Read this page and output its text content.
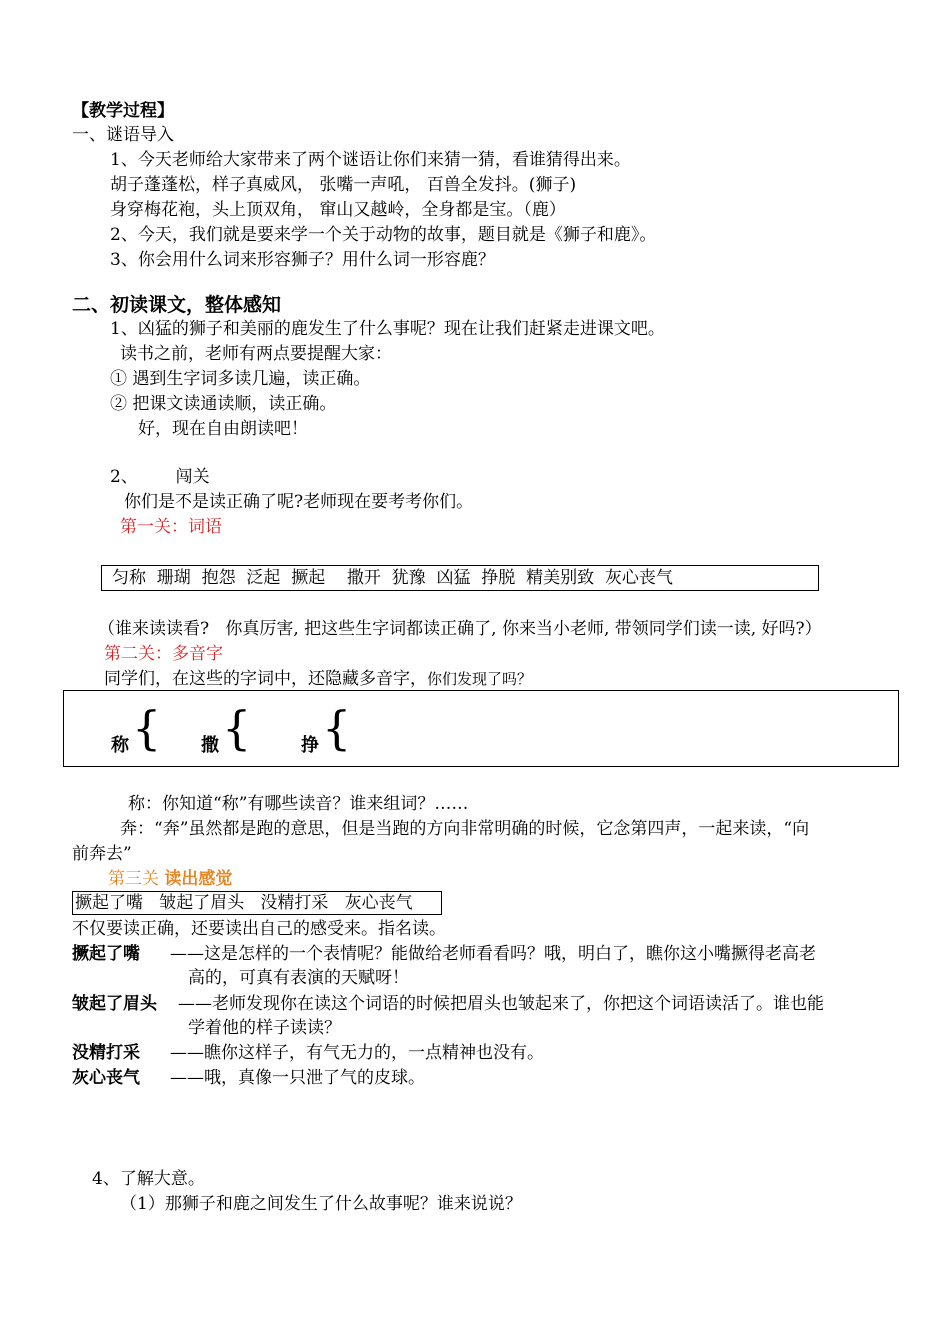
【教学过程】
一、谜语导入
1、今天老师给大家带来了两个谜语让你们来猜一猜，看谁猜得出来。
胡子蓬蓬松，样子真威风， 张嘴一声吼， 百兽全发抖。(狮子)
身穿梅花袍，头上顶双角， 窜山又越岭，全身都是宝。（鹿）
2、今天，我们就是要来学一个关于动物的故事，题目就是《狮子和鹿》。
3、你会用什么词来形容狮子？用什么词一形容鹿？
二、初读课文，整体感知
1、凶猛的狮子和美丽的鹿发生了什么事呢？现在让我们赶紧走进课文吧。
读书之前，老师有两点要提醒大家：
① 遇到生字词多读几遍，读正确。
② 把课文读通读顺，读正确。
好，现在自由朗读吧！
2、       闯关
你们是不是读正确了呢?老师现在要考考你们。
第一关：词语
匀称  珊瑚  抱怨  泛起  撅起    撒开  犹豫  凶猛  挣脱  精美别致  灰心丧气
（谁来读读看?   你真厉害, 把这些生字词都读正确了, 你来当小老师, 带领同学们读一读, 好吗?）
第二关：多音字
同学们，在这些的字词中，还隐藏多音字，你们发现了吗？
称 { 撒 {	挣 {
称：你知道“称”有哪些读音？谁来组词？……
奔：“奔”虽然都是跑的意思，但是当跑的方向非常明确的时候，它念第四声，一起来读，“向
前奔去”
第三关 读出感觉
撅起了嘴   皱起了眉头   没精打采   灰心丧气
不仅要读正确，还要读出自己的感受来。指名读。
撅起了嘴 ——这是怎样的一个表情呢？能做给老师看看吗？哦，明白了，瞧你这小嘴撅得老高老
高的，可真有表演的天赋呀！
皱起了眉头 ——老师发现你在读这个词语的时候把眉头也皱起来了，你把这个词语读活了。谁也能
学着他的样子读读？
没精打采 ——瞧你这样子，有气无力的，一点精神也没有。
灰心丧气 ——哦，真像一只泄了气的皮球。
4、了解大意。
（1）那狮子和鹿之间发生了什么故事呢？谁来说说？
